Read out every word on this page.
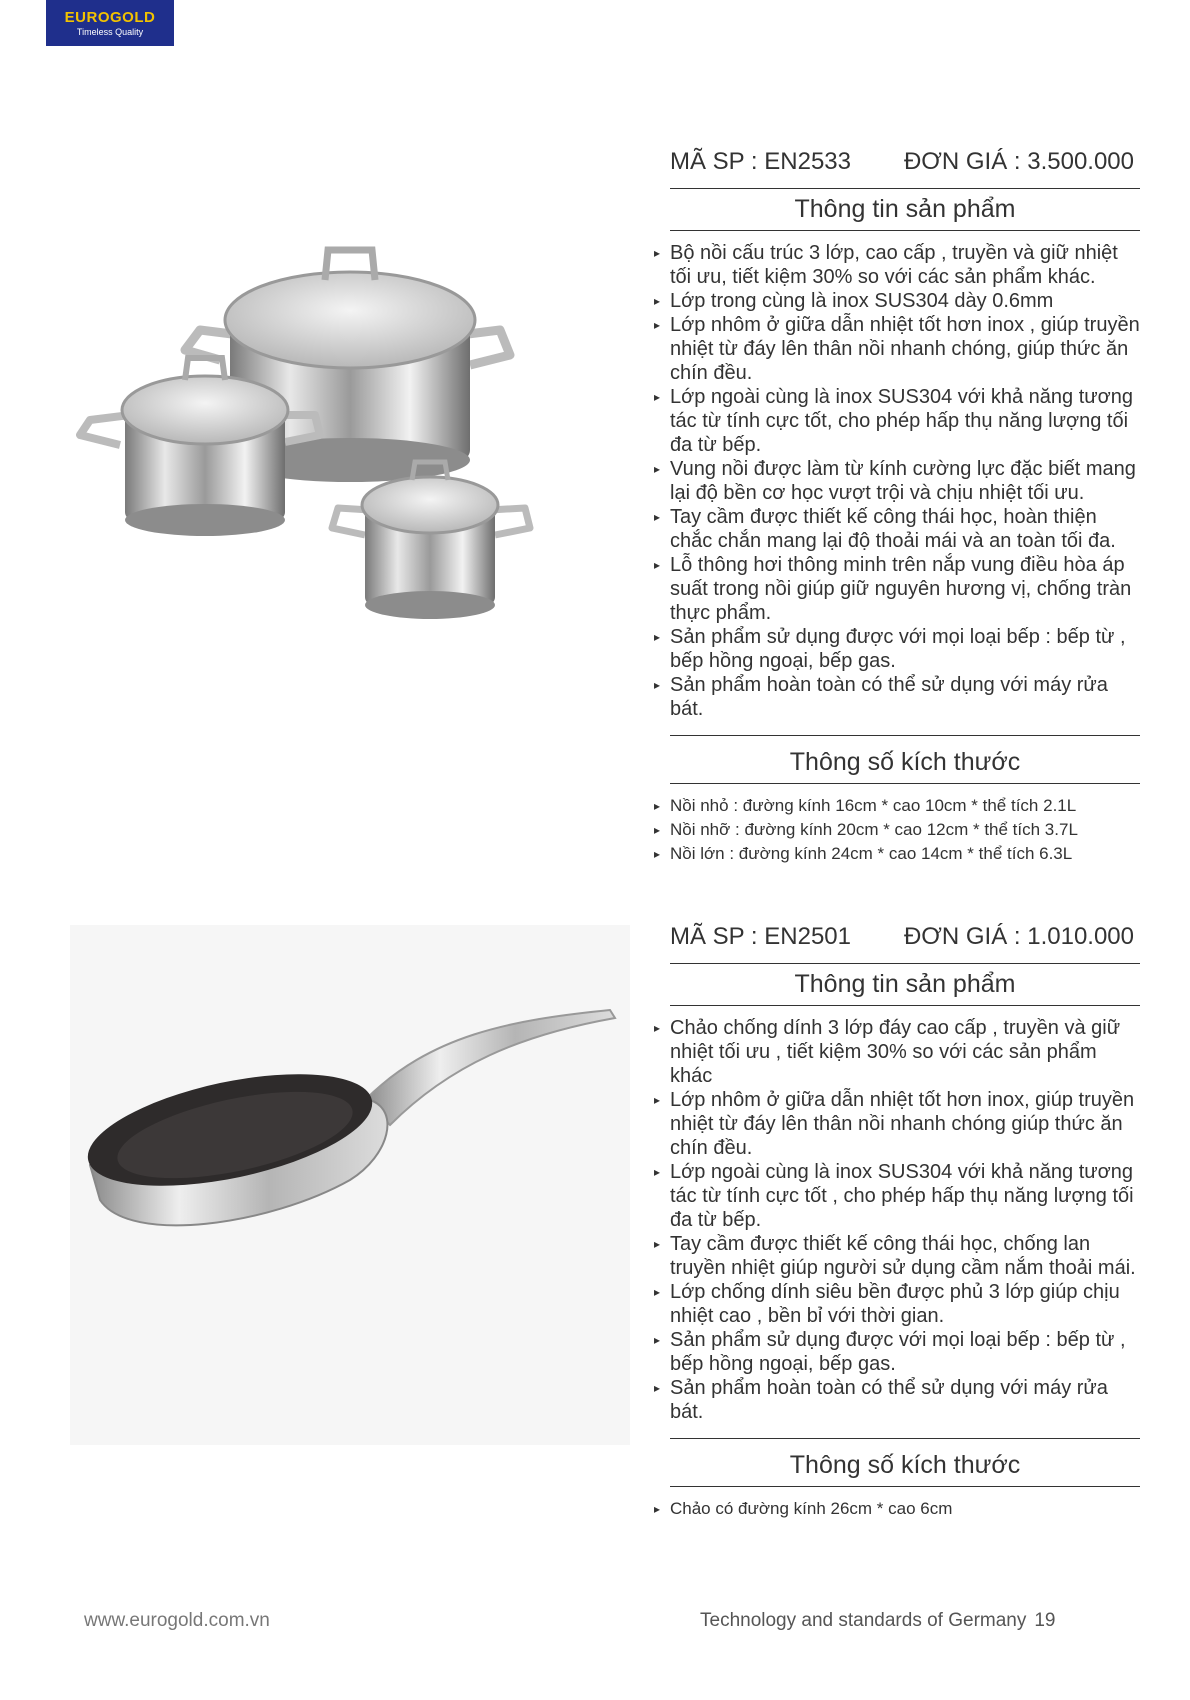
EUROGOLD
Timeless Quality
MÃ SP : EN2533 ĐƠN GIÁ : 3.500.000
Thông tin sản phẩm
▸ Bộ nồi cấu trúc 3 lớp, cao cấp , truyền và giữ nhiệt tối ưu, tiết kiệm 30% so với các sản phẩm khác.
▸ Lớp trong cùng là inox SUS304 dày 0.6mm
▸ Lớp nhôm ở giữa dẫn nhiệt tốt hơn inox , giúp truyền nhiệt từ đáy lên thân nồi nhanh chóng, giúp thức ăn chín đều.
▸ Lớp ngoài cùng là inox SUS304 với khả năng tương tác từ tính cực tốt, cho phép hấp thụ năng lượng tối đa từ bếp.
▸ Vung nồi được làm từ kính cường lực đặc biết mang lại độ bền cơ học vượt trội và chịu nhiệt tối ưu.
▸ Tay cầm được thiết kế công thái học, hoàn thiện chắc chắn mang lại độ thoải mái và an toàn tối đa.
▸ Lỗ thông hơi thông minh trên nắp vung điều hòa áp suất trong nồi giúp giữ nguyên hương vị, chống tràn thực phẩm.
▸ Sản phẩm sử dụng được với mọi loại bếp : bếp từ , bếp hồng ngoại, bếp gas.
▸ Sản phẩm hoàn toàn có thể sử dụng với máy rửa bát.
Thông số kích thước
▸ Nồi nhỏ : đường kính 16cm * cao 10cm * thể tích 2.1L
▸ Nồi nhỡ : đường kính 20cm * cao 12cm * thể tích 3.7L
▸ Nồi lớn : đường kính 24cm * cao 14cm * thể tích 6.3L
MÃ SP : EN2501 ĐƠN GIÁ : 1.010.000
Thông tin sản phẩm
▸ Chảo chống dính 3 lớp đáy cao cấp , truyền và giữ nhiệt tối ưu , tiết kiệm 30% so với các sản phẩm khác
▸ Lớp nhôm ở giữa dẫn nhiệt tốt hơn inox, giúp truyền nhiệt từ đáy lên thân nồi nhanh chóng giúp thức ăn chín đều.
▸ Lớp ngoài cùng là inox SUS304 với khả năng tương tác từ tính cực tốt , cho phép hấp thụ năng lượng tối đa từ bếp.
▸ Tay cầm được thiết kế công thái học, chống lan truyền nhiệt giúp người sử dụng cầm nắm thoải mái.
▸ Lớp chống dính siêu bền được phủ 3 lớp giúp chịu nhiệt cao , bền bỉ với thời gian.
▸ Sản phẩm sử dụng được với mọi loại bếp : bếp từ , bếp hồng ngoại, bếp gas.
▸ Sản phẩm hoàn toàn có thể sử dụng với máy rửa bát.
Thông số kích thước
▸ Chảo có đường kính 26cm * cao 6cm
www.eurogold.com.vn	Technology and standards of Germany 19
